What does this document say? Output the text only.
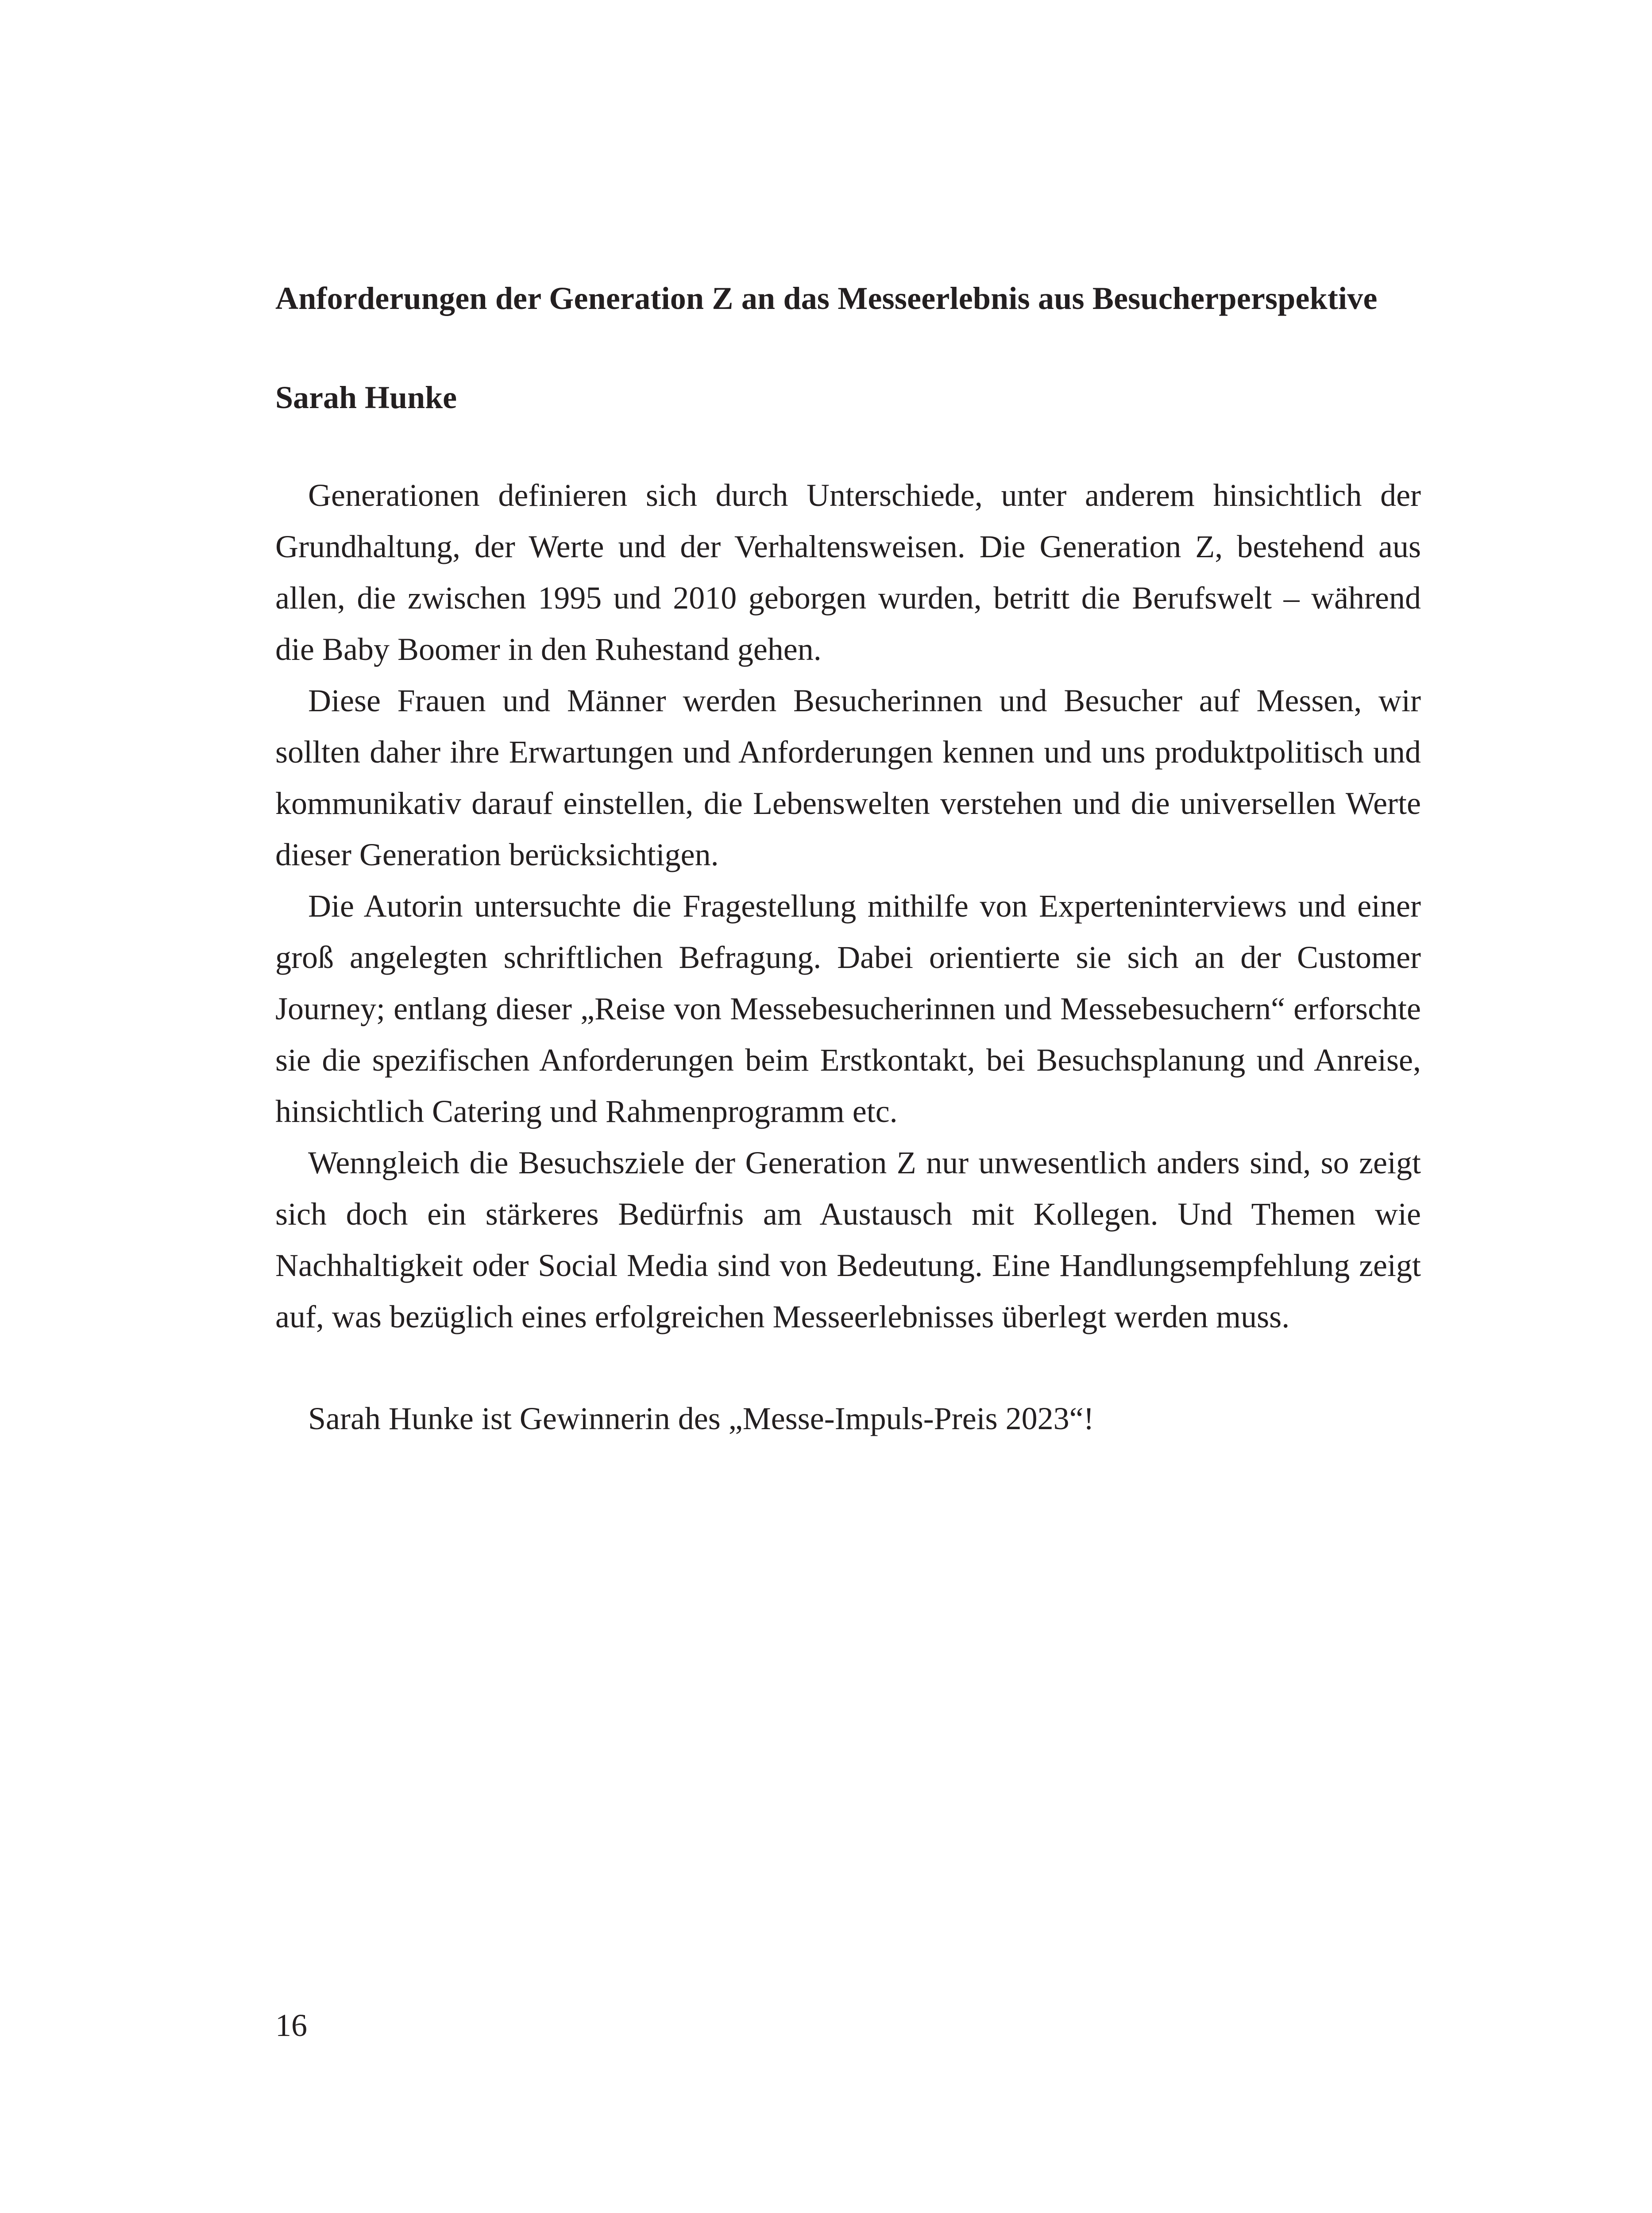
Anforderungen der Generation Z an das Messeerlebnis aus Besucherperspektive

Sarah Hunke

Generationen definieren sich durch Unterschiede, unter anderem hinsichtlich der Grundhaltung, der Werte und der Verhaltensweisen. Die Generation Z, bestehend aus allen, die zwischen 1995 und 2010 geborgen wurden, betritt die Berufswelt – während die Baby Boomer in den Ruhestand gehen.

Diese Frauen und Männer werden Besucherinnen und Besucher auf Messen, wir sollten daher ihre Erwartungen und Anforderungen kennen und uns produktpolitisch und kommunikativ darauf einstellen, die Lebenswelten verstehen und die universellen Werte dieser Generation berücksichtigen.

Die Autorin untersuchte die Fragestellung mithilfe von Experteninterviews und einer groß angelegten schriftlichen Befragung. Dabei orientierte sie sich an der Customer Journey; entlang dieser „Reise von Messebesucherinnen und Messebesuchern“ erforschte sie die spezifischen Anforderungen beim Erstkontakt, bei Besuchsplanung und Anreise, hinsichtlich Catering und Rahmenprogramm etc.

Wenngleich die Besuchsziele der Generation Z nur unwesentlich anders sind, so zeigt sich doch ein stärkeres Bedürfnis am Austausch mit Kollegen. Und Themen wie Nachhaltigkeit oder Social Media sind von Bedeutung. Eine Handlungsempfehlung zeigt auf, was bezüglich eines erfolgreichen Messeerlebnisses überlegt werden muss.

Sarah Hunke ist Gewinnerin des „Messe-Impuls-Preis 2023“!

16
